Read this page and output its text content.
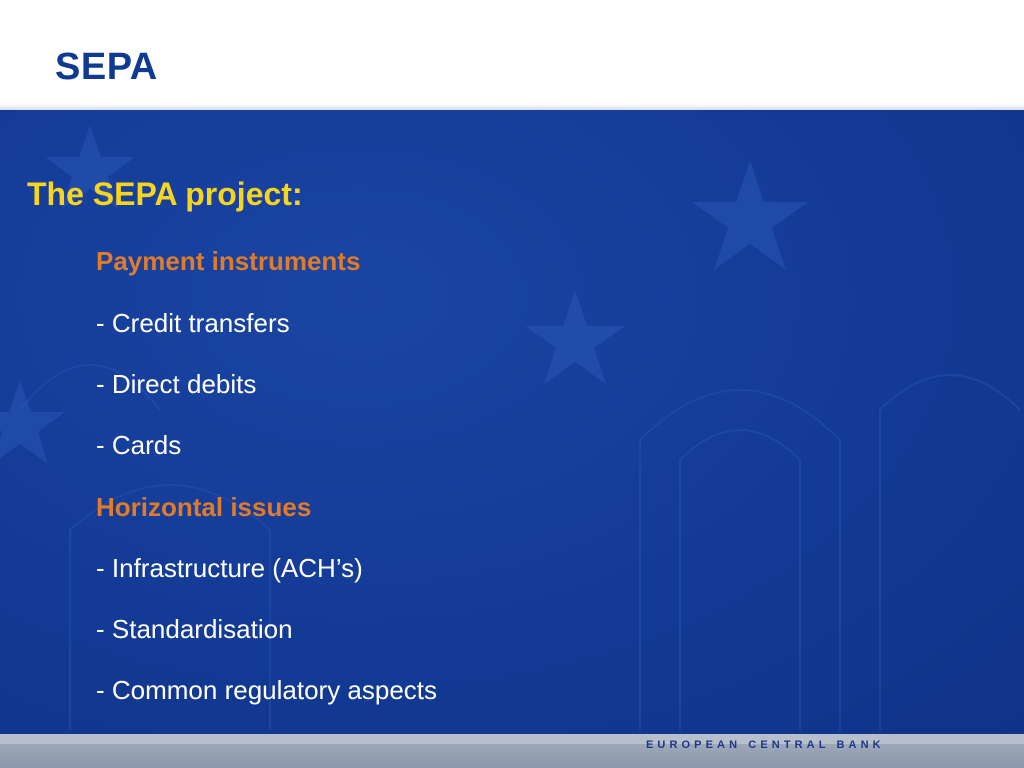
SEPA
The SEPA project:
Payment instruments
- Credit transfers
- Direct debits
- Cards
Horizontal issues
- Infrastructure (ACH’s)
- Standardisation
- Common regulatory aspects
EUROPEAN CENTRAL BANK
